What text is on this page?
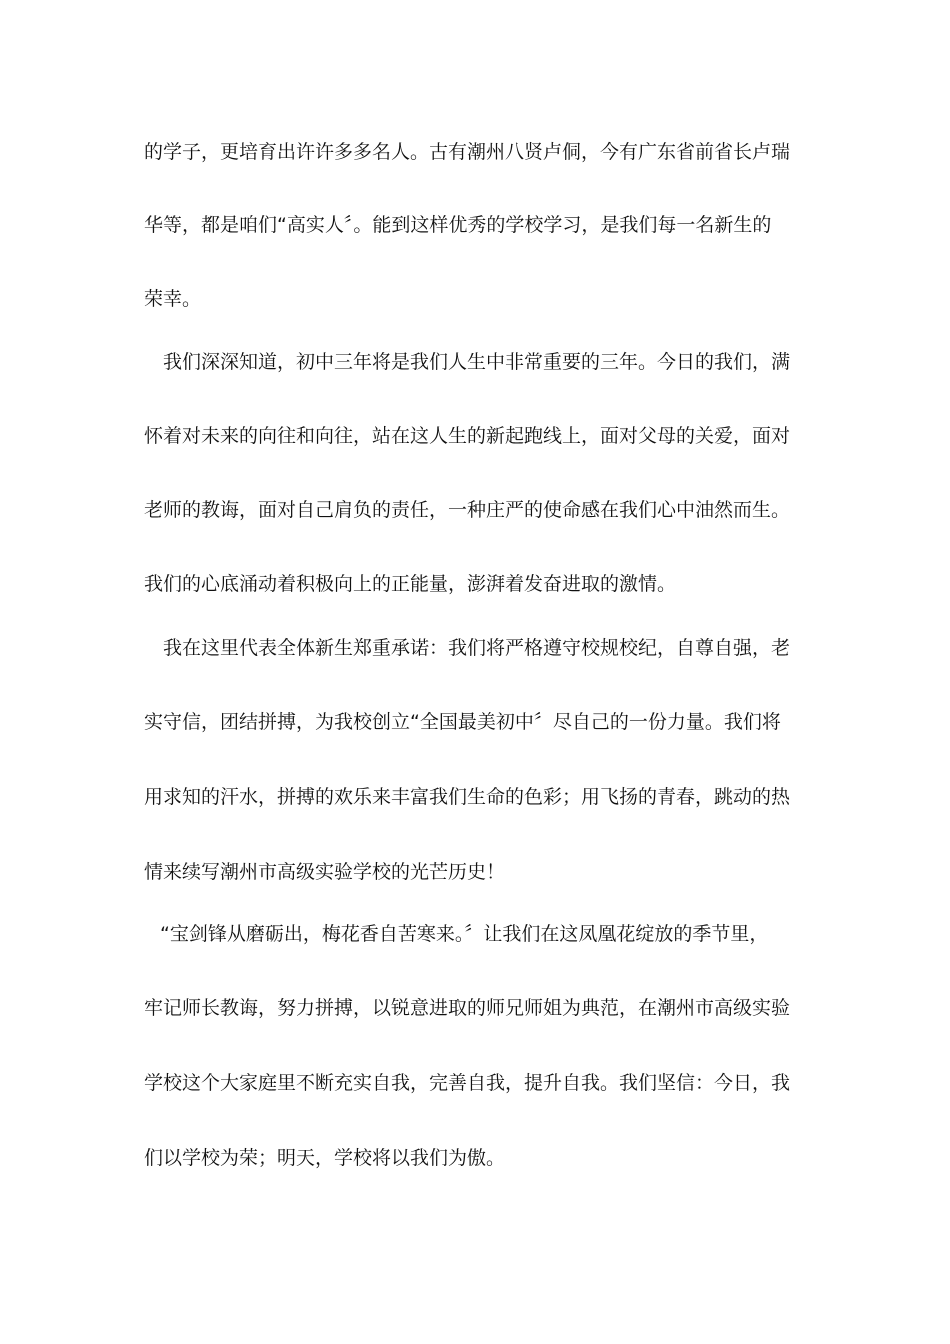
的学子，更培育出许许多多名人。古有潮州八贤卢侗，今有广东省前省长卢瑞
华等，都是咱们“高实人〞。能到这样优秀的学校学习，是我们每一名新生的
荣幸。
我们深深知道，初中三年将是我们人生中非常重要的三年。今日的我们，满
怀着对未来的向往和向往，站在这人生的新起跑线上，面对父母的关爱，面对
老师的教诲，面对自己肩负的责任，一种庄严的使命感在我们心中油然而生。
我们的心底涌动着积极向上的正能量，澎湃着发奋进取的激情。
我在这里代表全体新生郑重承诺：我们将严格遵守校规校纪，自尊自强，老
实守信，团结拼搏，为我校创立“全国最美初中〞尽自己的一份力量。我们将
用求知的汗水，拼搏的欢乐来丰富我们生命的色彩；用飞扬的青春，跳动的热
情来续写潮州市高级实验学校的光芒历史！
“宝剑锋从磨砺出，梅花香自苦寒来。〞让我们在这凤凰花绽放的季节里，
牢记师长教诲，努力拼搏，以锐意进取的师兄师姐为典范，在潮州市高级实验
学校这个大家庭里不断充实自我，完善自我，提升自我。我们坚信：今日，我
们以学校为荣；明天，学校将以我们为傲。
